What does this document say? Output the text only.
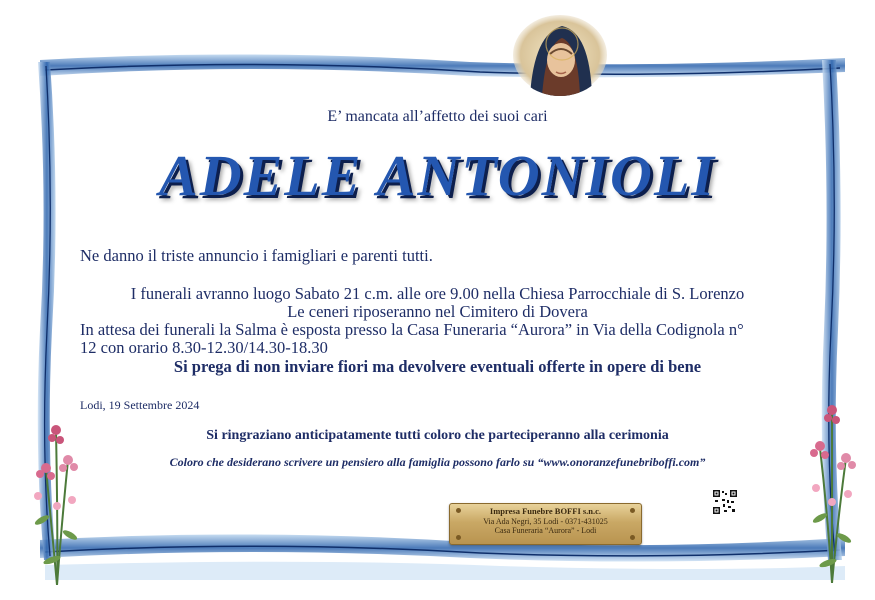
E’ mancata all’affetto dei suoi cari
ADELE ANTONIOLI
Ne danno il triste annuncio i famigliari e parenti tutti.
I funerali avranno luogo Sabato 21 c.m. alle ore 9.00 nella Chiesa Parrocchiale di S. Lorenzo
Le ceneri riposeranno nel Cimitero di Dovera
In attesa dei funerali la Salma è esposta presso la Casa Funeraria “Aurora” in Via della Codignola n°
12 con orario 8.30-12.30/14.30-18.30
Si prega di non inviare fiori ma devolvere eventuali offerte in opere di bene
Lodi, 19 Settembre 2024
Si ringraziano anticipatamente tutti coloro che parteciperanno alla cerimonia
Coloro che desiderano scrivere un pensiero alla famiglia possono farlo su “www.onoranzefunebriboffi.com”
Impresa Funebre BOFFI s.n.c.
Via Ada Negri, 35 Lodi - 0371-431025
Casa Funeraria “Aurora” - Lodi
